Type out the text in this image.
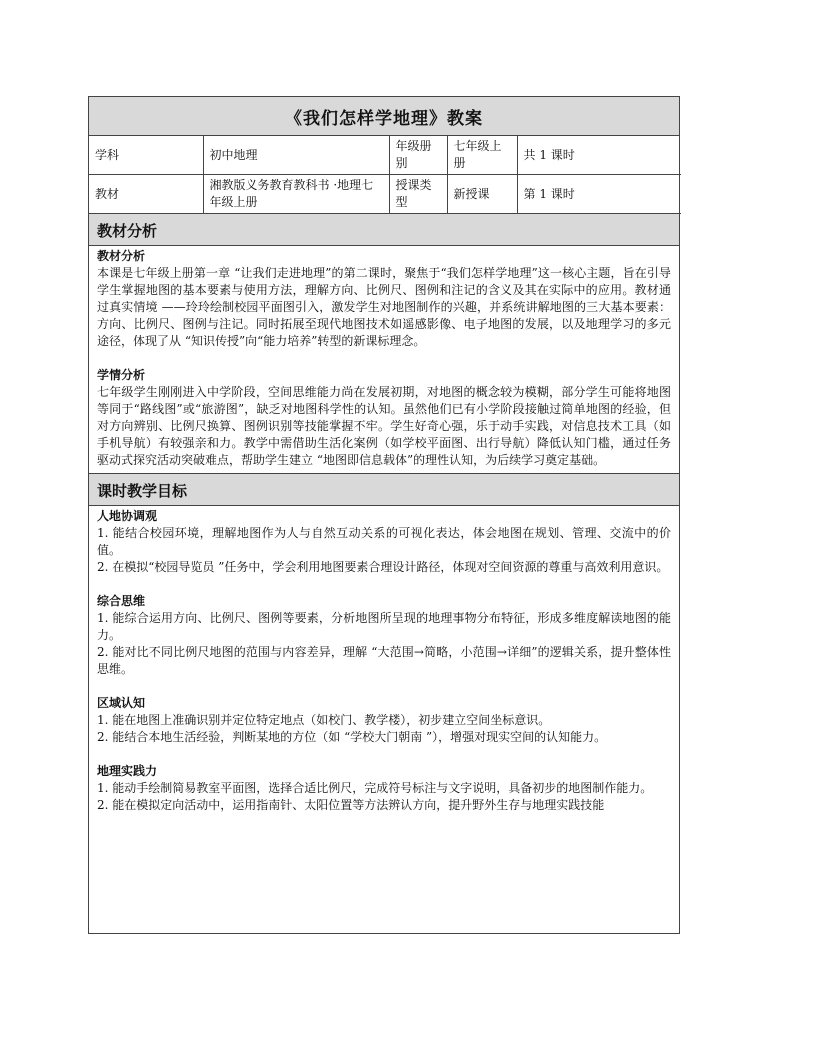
《我们怎样学地理》教案
学科	初中地理	年级册别	七年级上册	共 1 课时
教材	湘教版义务教育教科书 ·地理七年级上册	授课类型	新授课	第 1 课时
教材分析
教材分析
本课是七年级上册第一章 “让我们走进地理”的第二课时，聚焦于“我们怎样学地理”这一核心主题，旨在引导学生掌握地图的基本要素与使用方法，理解方向、比例尺、图例和注记的含义及其在实际中的应用。教材通过真实情境 ——玲玲绘制校园平面图引入，激发学生对地图制作的兴趣，并系统讲解地图的三大基本要素：方向、比例尺、图例与注记。同时拓展至现代地图技术如遥感影像、电子地图的发展，以及地理学习的多元途径，体现了从 “知识传授”向“能力培养”转型的新课标理念。
学情分析
七年级学生刚刚进入中学阶段，空间思维能力尚在发展初期，对地图的概念较为模糊，部分学生可能将地图等同于“路线图”或“旅游图”，缺乏对地图科学性的认知。虽然他们已有小学阶段接触过简单地图的经验，但对方向辨别、比例尺换算、图例识别等技能掌握不牢。学生好奇心强，乐于动手实践，对信息技术工具（如手机导航）有较强亲和力。教学中需借助生活化案例（如学校平面图、出行导航）降低认知门槛，通过任务驱动式探究活动突破难点，帮助学生建立 “地图即信息载体”的理性认知，为后续学习奠定基础。
课时教学目标
人地协调观
1. 能结合校园环境，理解地图作为人与自然互动关系的可视化表达，体会地图在规划、管理、交流中的价值。
2. 在模拟“校园导览员 ”任务中，学会利用地图要素合理设计路径，体现对空间资源的尊重与高效利用意识。
综合思维
1. 能综合运用方向、比例尺、图例等要素，分析地图所呈现的地理事物分布特征，形成多维度解读地图的能力。
2. 能对比不同比例尺地图的范围与内容差异，理解 “大范围→简略，小范围→详细”的逻辑关系，提升整体性思维。
区域认知
1. 能在地图上准确识别并定位特定地点（如校门、教学楼），初步建立空间坐标意识。
2. 能结合本地生活经验，判断某地的方位（如 “学校大门朝南 ”），增强对现实空间的认知能力。
地理实践力
1. 能动手绘制简易教室平面图，选择合适比例尺，完成符号标注与文字说明，具备初步的地图制作能力。
2. 能在模拟定向活动中，运用指南针、太阳位置等方法辨认方向，提升野外生存与地理实践技能
